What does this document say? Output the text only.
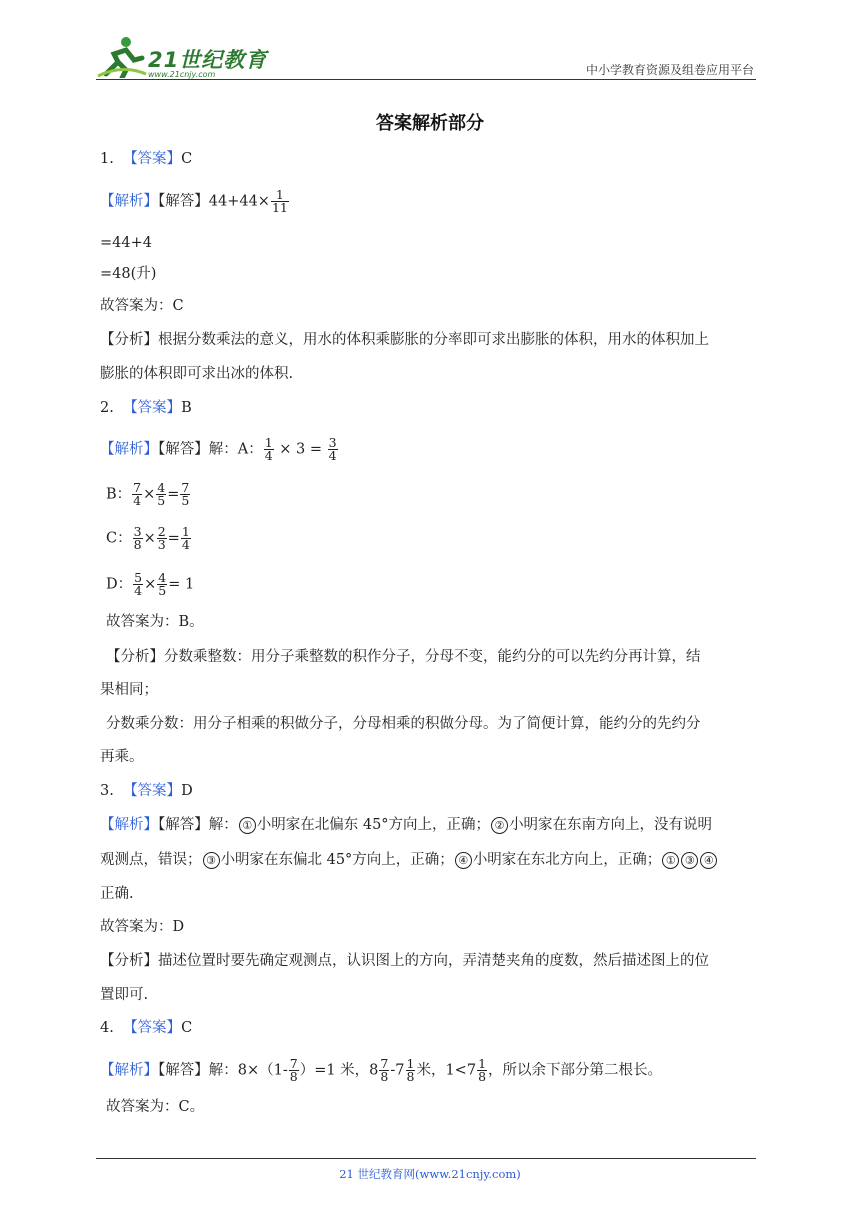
21世纪教育
www.21cnjy.com	中小学教育资源及组卷应用平台
答案解析部分
1. 【答案】C
【解析】【解答】$44+44\times \frac{1}{11}$
=44+4
=48(升)
故答案为：C
【分析】根据分数乘法的意义，用水的体积乘膨胀的分率即可求出膨胀的体积，用水的体积加上
膨胀的体积即可求出冰的体积.
2. 【答案】B
【解析】【解答】解：A： $\frac{1}{4} \times 3 = \frac{3}{4}$
B： $\frac{7}{4} \times \frac{4}{5} = \frac{7}{5}$
C： $\frac{3}{8} \times \frac{2}{3} = \frac{1}{4}$
D： $\frac{5}{4} \times \frac{4}{5} = 1$
故答案为：B。
【分析】分数乘整数：用分子乘整数的积作分子，分母不变，能约分的可以先约分再计算，结
果相同；
分数乘分数：用分子相乘的积做分子，分母相乘的积做分母。为了简便计算，能约分的先约分
再乘。
3. 【答案】D
【解析】【解答】解： ① 小明家在北偏东 45°方向上，正确； ② 小明家在东南方向上，没有说明
观测点，错误； ③ 小明家在东偏北 45°方向上，正确； ④ 小明家在东北方向上，正确； ① ③ ④
正确.
故答案为：D
【分析】描述位置时要先确定观测点，认识图上的方向，弄清楚夹角的度数，然后描述图上的位
置即可.
4. 【答案】C
【解析】【解答】解：$8\times(1- \frac{7}{8} )=1$ 米，$8 \frac{7}{8} -7 \frac{1}{8}$ 米，$1<7 \frac{1}{8}$ ，所以余下部分第二根长。
故答案为：C。
21 世纪教育网(www.21cnjy.com)
